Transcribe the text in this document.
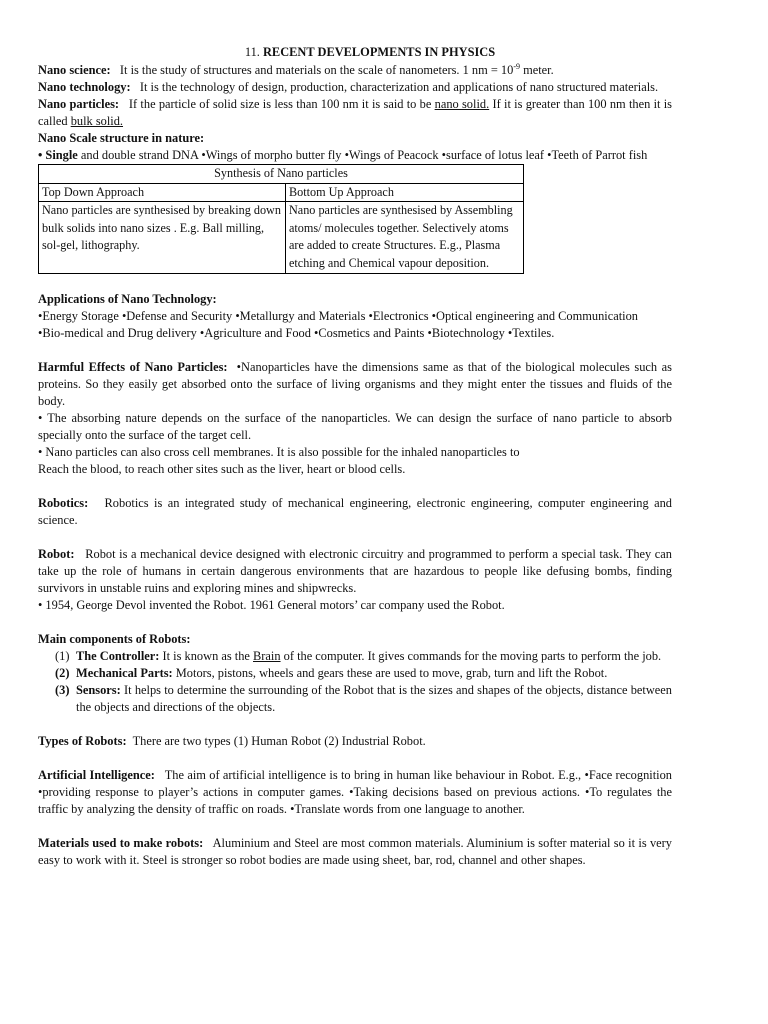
11. RECENT DEVELOPMENTS IN PHYSICS

Nano science: It is the study of structures and materials on the scale of nanometers. 1 nm = $10^{-9}$ meter.

Nano technology: It is the technology of design, production, characterization and applications of nano structured materials.

Nano particles: If the particle of solid size is less than 100 nm it is said to be nano solid. If it is greater than 100 nm then it is called bulk solid.

Nano Scale structure in nature:

• Single and double strand DNA •Wings of morpho butter fly •Wings of Peacock •surface of lotus leaf •Teeth of Parrot fish

Synthesis of Nano particles	
Top Down Approach	Bottom Up Approach
Nano particles are synthesised by breaking down bulk solids into nano sizes . E.g. Ball milling, sol-gel, lithography.	Nano particles are synthesised by Assembling atoms/ molecules together. Selectively atoms are added to create Structures. E.g., Plasma etching and Chemical vapour deposition.

Applications of Nano Technology:

•Energy Storage •Defense and Security •Metallurgy and Materials •Electronics •Optical engineering and Communication

•Bio-medical and Drug delivery •Agriculture and Food •Cosmetics and Paints •Biotechnology •Textiles.

Harmful Effects of Nano Particles: •Nanoparticles have the dimensions same as that of the biological molecules such as proteins. So they easily get absorbed onto the surface of living organisms and they might enter the tissues and fluids of the body.

• The absorbing nature depends on the surface of the nanoparticles. We can design the surface of nano particle to absorb specially onto the surface of the target cell.

• Nano particles can also cross cell membranes. It is also possible for the inhaled nanoparticles to

Reach the blood, to reach other sites such as the liver, heart or blood cells.

Robotics: Robotics is an integrated study of mechanical engineering, electronic engineering, computer engineering and science.

Robot: Robot is a mechanical device designed with electronic circuitry and programmed to perform a special task. They can take up the role of humans in certain dangerous environments that are hazardous to people like defusing bombs, finding survivors in unstable ruins and exploring mines and shipwrecks.

• 1954, George Devol invented the Robot. 1961 General motors’ car company used the Robot.

Main components of Robots:

(1) The Controller: It is known as the Brain of the computer. It gives commands for the moving parts to perform the job.

(2) Mechanical Parts: Motors, pistons, wheels and gears these are used to move, grab, turn and lift the Robot.

(3) Sensors: It helps to determine the surrounding of the Robot that is the sizes and shapes of the objects, distance between the objects and directions of the objects.

Types of Robots: There are two types (1) Human Robot (2) Industrial Robot.

Artificial Intelligence: The aim of artificial intelligence is to bring in human like behaviour in Robot. E.g., •Face recognition •providing response to player’s actions in computer games. •Taking decisions based on previous actions. •To regulates the traffic by analyzing the density of traffic on roads. •Translate words from one language to another.

Materials used to make robots: Aluminium and Steel are most common materials. Aluminium is softer material so it is very easy to work with it. Steel is stronger so robot bodies are made using sheet, bar, rod, channel and other shapes.
